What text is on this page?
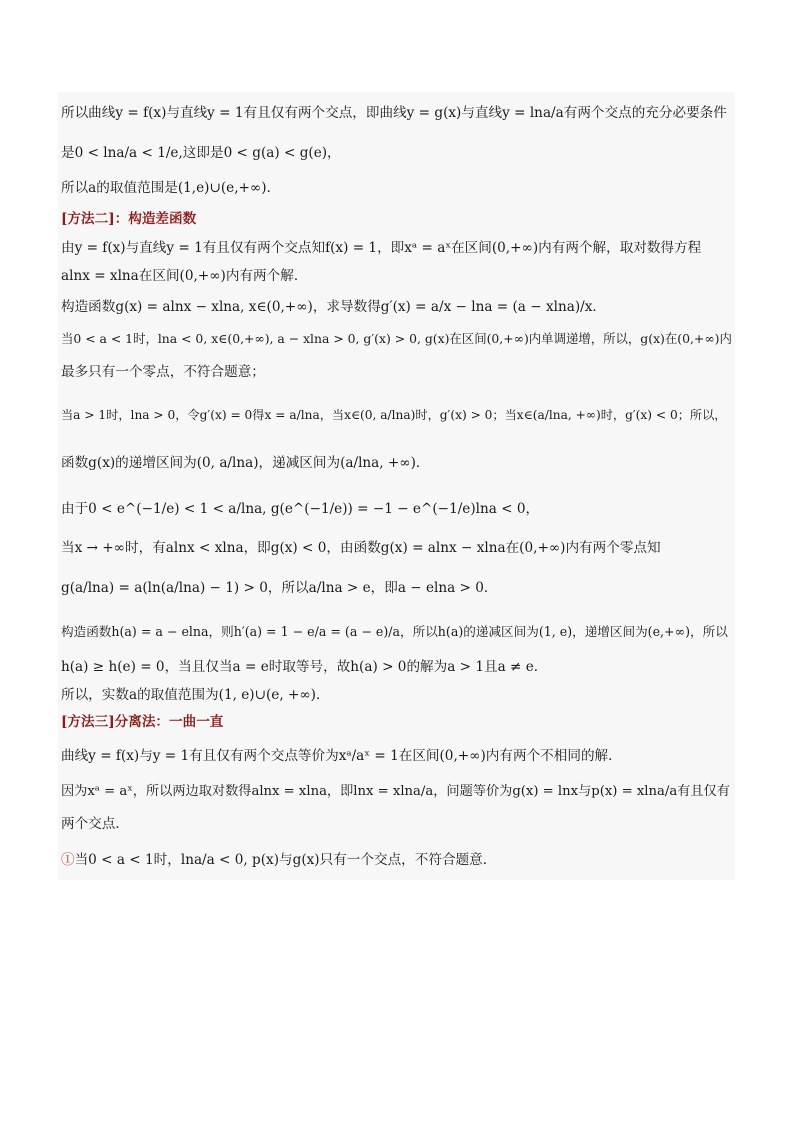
所以曲线y = f(x)与直线y = 1有且仅有两个交点，即曲线y = g(x)与直线y = lna/a有两个交点的充分必要条件
是0 < lna/a < 1/e,这即是0 < g(a) < g(e)，
所以a的取值范围是(1,e)∪(e,+∞).
[方法二]：构造差函数
由y = f(x)与直线y = 1有且仅有两个交点知f(x) = 1，即xᵃ = aˣ在区间(0,+∞)内有两个解，取对数得方程
alnx = xlna在区间(0,+∞)内有两个解．
构造函数g(x) = alnx − xlna, x∈(0,+∞)，求导数得g′(x) = a/x − lna = (a − xlna)/x．
当0 < a < 1时，lna < 0, x∈(0,+∞), a − xlna > 0, g′(x) > 0, g(x)在区间(0,+∞)内单调递增，所以，g(x)在(0,+∞)内
最多只有一个零点，不符合题意；
当a > 1时，lna > 0，令g′(x) = 0得x = a/lna，当x∈(0, a/lna)时，g′(x) > 0；当x∈(a/lna, +∞)时，g′(x) < 0；所以，
函数g(x)的递增区间为(0, a/lna)，递减区间为(a/lna, +∞)．
由于0 < e^(−1/e) < 1 < a/lna, g(e^(−1/e)) = −1 − e^(−1/e)lna < 0，
当x → +∞时，有alnx < xlna，即g(x) < 0，由函数g(x) = alnx − xlna在(0,+∞)内有两个零点知
g(a/lna) = a(ln(a/lna) − 1) > 0，所以a/lna > e，即a − elna > 0．
构造函数h(a) = a − elna，则h′(a) = 1 − e/a = (a − e)/a，所以h(a)的递减区间为(1, e)，递增区间为(e,+∞)，所以
h(a) ≥ h(e) = 0，当且仅当a = e时取等号，故h(a) > 0的解为a > 1且a ≠ e．
所以，实数a的取值范围为(1, e)∪(e, +∞)．
[方法三]分离法：一曲一直
曲线y = f(x)与y = 1有且仅有两个交点等价为xᵃ/aˣ = 1在区间(0,+∞)内有两个不相同的解．
因为xᵃ = aˣ，所以两边取对数得alnx = xlna，即lnx = xlna/a，问题等价为g(x) = lnx与p(x) = xlna/a有且仅有
两个交点．
①当0 < a < 1时，lna/a < 0, p(x)与g(x)只有一个交点，不符合题意．
